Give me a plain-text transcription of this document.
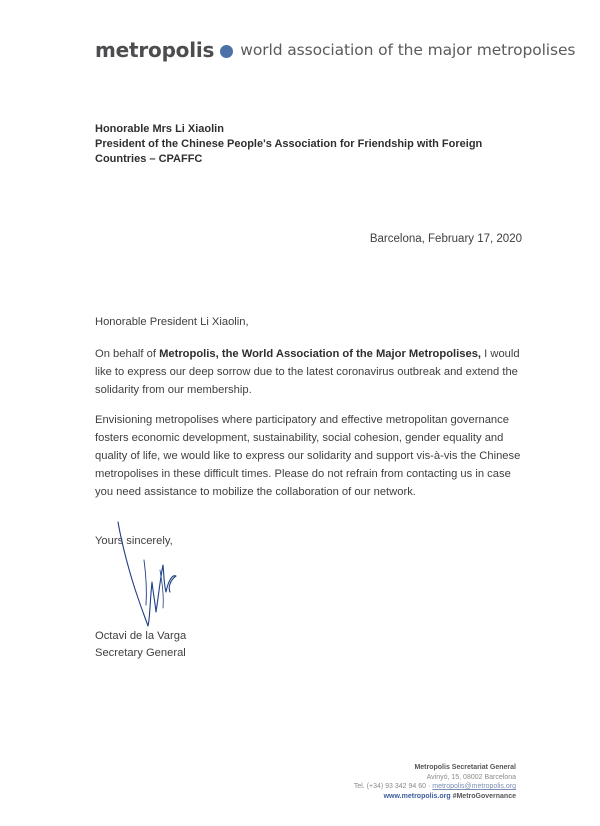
metropolis world association of the major metropolises
Honorable Mrs Li Xiaolin
President of the Chinese People's Association for Friendship with Foreign Countries – CPAFFC
Barcelona, February 17, 2020

Honorable President Li Xiaolin,

On behalf of Metropolis, the World Association of the Major Metropolises, I would like to express our deep sorrow due to the latest coronavirus outbreak and extend the solidarity from our membership.

Envisioning metropolises where participatory and effective metropolitan governance fosters economic development, sustainability, social cohesion, gender equality and quality of life, we would like to express our solidarity and support vis-à-vis the Chinese metropolises in these difficult times. Please do not refrain from contacting us in case you need assistance to mobilize the collaboration of our network.

Yours sincerely,
Octavi de la Varga
Secretary General
Metropolis Secretariat General
Avinyó, 15, 08002 Barcelona
Tel. (+34) 93 342 94 60 · metropolis@metropolis.org
www.metropolis.org #MetroGovernance
